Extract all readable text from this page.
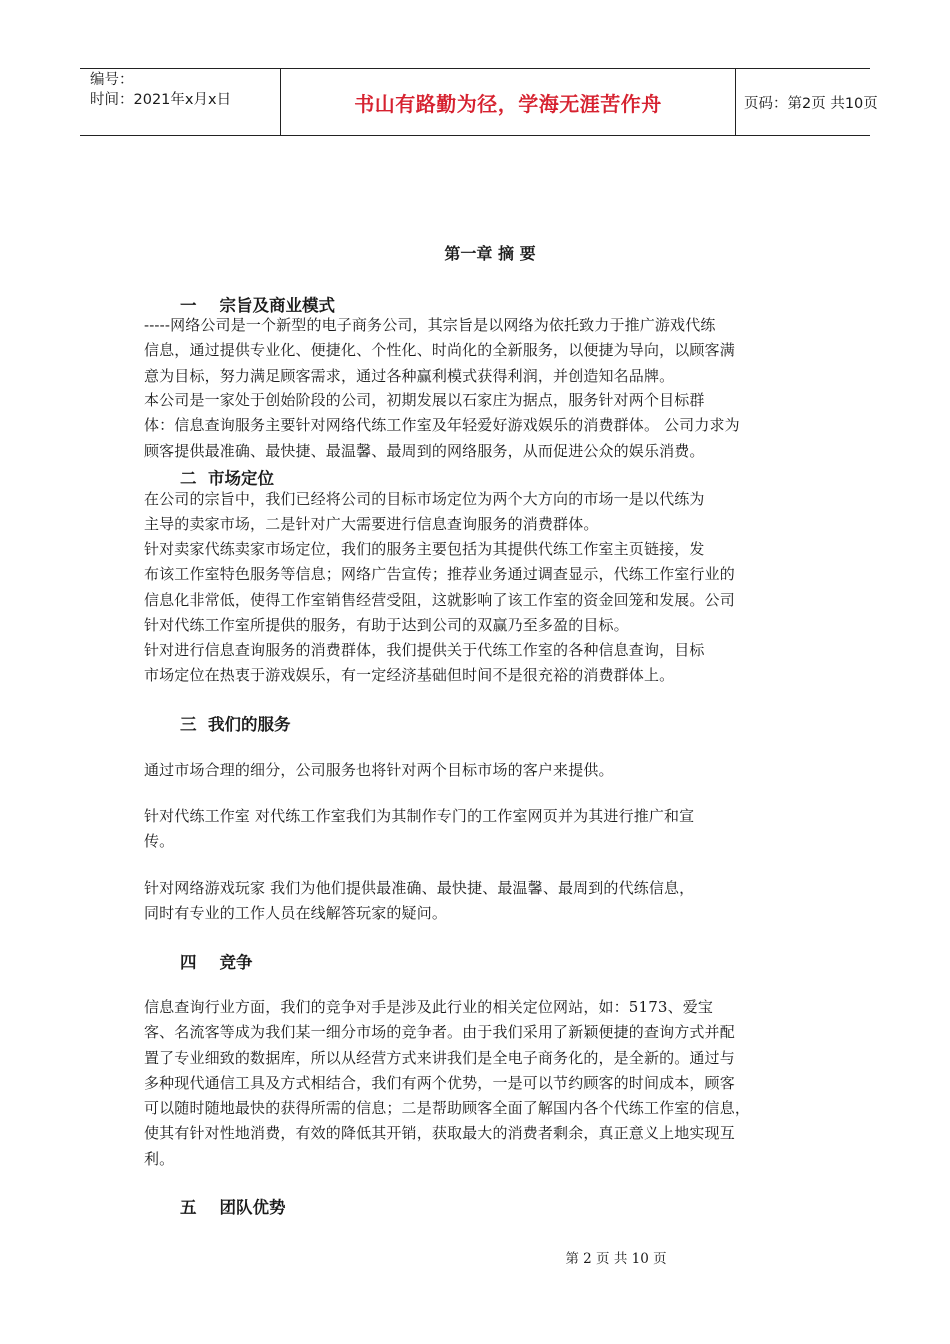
编号：
时间：2021年x月x日	书山有路勤为径，学海无涯苦作舟	页码：第2页 共10页
第一章 摘 要
一    宗旨及商业模式
-----网络公司是一个新型的电子商务公司，其宗旨是以网络为依托致力于推广游戏代练
信息，通过提供专业化、便捷化、个性化、时尚化的全新服务，以便捷为导向，以顾客满
意为目标，努力满足顾客需求，通过各种赢利模式获得利润，并创造知名品牌。
本公司是一家处于创始阶段的公司，初期发展以石家庄为据点，服务针对两个目标群
体：信息查询服务主要针对网络代练工作室及年轻爱好游戏娱乐的消费群体。 公司力求为
顾客提供最准确、最快捷、最温馨、最周到的网络服务，从而促进公众的娱乐消费。
二  市场定位
在公司的宗旨中，我们已经将公司的目标市场定位为两个大方向的市场一是以代练为
主导的卖家市场，二是针对广大需要进行信息查询服务的消费群体。
针对卖家代练卖家市场定位，我们的服务主要包括为其提供代练工作室主页链接，发
布该工作室特色服务等信息；网络广告宣传；推荐业务通过调查显示，代练工作室行业的
信息化非常低，使得工作室销售经营受阻，这就影响了该工作室的资金回笼和发展。公司
针对代练工作室所提供的服务，有助于达到公司的双赢乃至多盈的目标。
针对进行信息查询服务的消费群体，我们提供关于代练工作室的各种信息查询，目标
市场定位在热衷于游戏娱乐，有一定经济基础但时间不是很充裕的消费群体上。
三  我们的服务
通过市场合理的细分，公司服务也将针对两个目标市场的客户来提供。
针对代练工作室 对代练工作室我们为其制作专门的工作室网页并为其进行推广和宣
传。
针对网络游戏玩家 我们为他们提供最准确、最快捷、最温馨、最周到的代练信息，
同时有专业的工作人员在线解答玩家的疑问。
四    竞争
信息查询行业方面，我们的竞争对手是涉及此行业的相关定位网站，如：5173、爱宝
客、名流客等成为我们某一细分市场的竞争者。由于我们采用了新颖便捷的查询方式并配
置了专业细致的数据库，所以从经营方式来讲我们是全电子商务化的，是全新的。通过与
多种现代通信工具及方式相结合，我们有两个优势，一是可以节约顾客的时间成本，顾客
可以随时随地最快的获得所需的信息；二是帮助顾客全面了解国内各个代练工作室的信息，
使其有针对性地消费，有效的降低其开销，获取最大的消费者剩余，真正意义上地实现互
利。
五    团队优势
第 2 页 共 10 页
